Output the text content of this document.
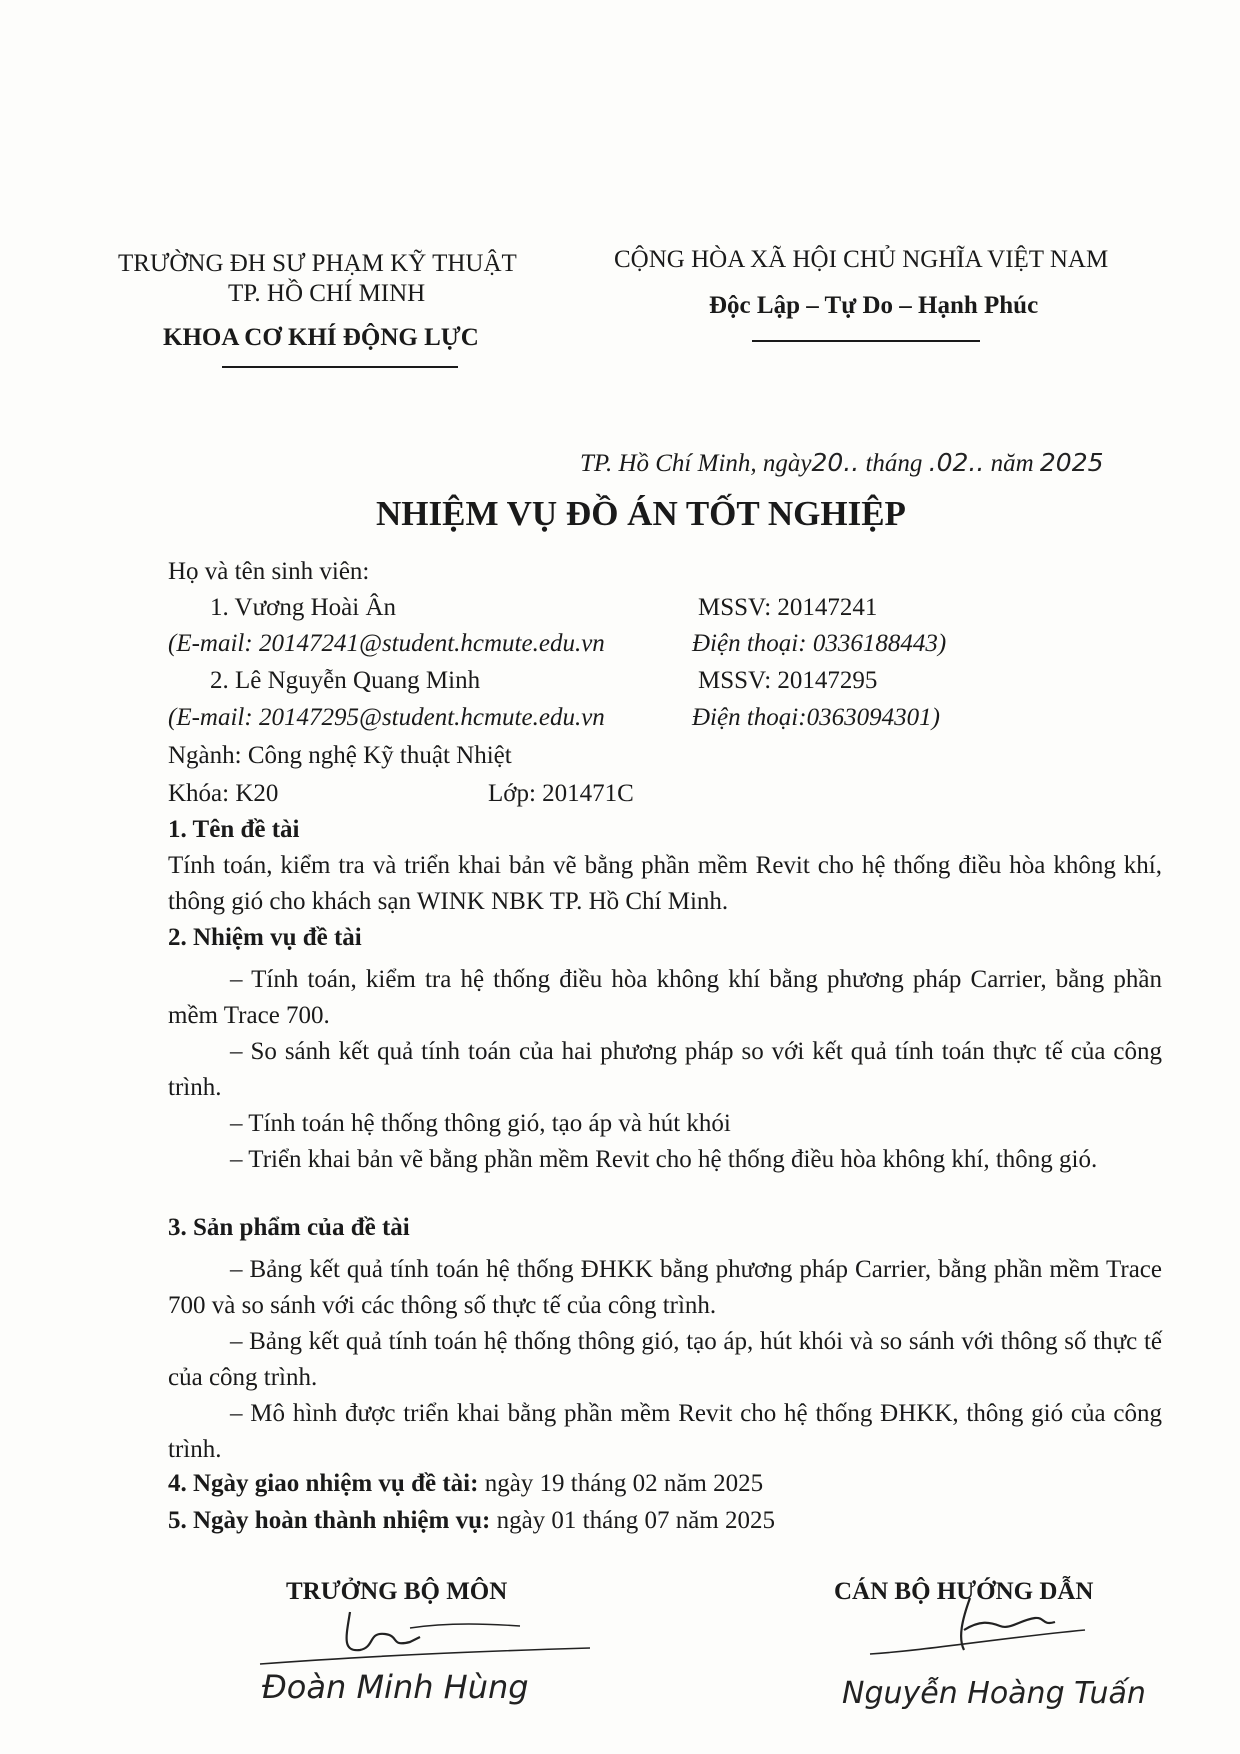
TRƯỜNG ĐH SƯ PHẠM KỸ THUẬT
TP. HỒ CHÍ MINH
KHOA CƠ KHÍ ĐỘNG LỰC
CỘNG HÒA XÃ HỘI CHỦ NGHĨA VIỆT NAM
Độc Lập – Tự Do – Hạnh Phúc
TP. Hồ Chí Minh, ngày20.. tháng .02.. năm 2025
NHIỆM VỤ ĐỒ ÁN TỐT NGHIỆP
Họ và tên sinh viên:
1. Vương Hoài Ân	MSSV: 20147241
(E-mail: 20147241@student.hcmute.edu.vn	Điện thoại: 0336188443)
2. Lê Nguyễn Quang Minh	MSSV: 20147295
(E-mail: 20147295@student.hcmute.edu.vn	Điện thoại:0363094301)
Ngành: Công nghệ Kỹ thuật Nhiệt
Khóa: K20	Lớp: 201471C
1. Tên đề tài
Tính toán, kiểm tra và triển khai bản vẽ bằng phần mềm Revit cho hệ thống điều hòa không khí, thông gió cho khách sạn WINK NBK TP. Hồ Chí Minh.
2. Nhiệm vụ đề tài
– Tính toán, kiểm tra hệ thống điều hòa không khí bằng phương pháp Carrier, bằng phần mềm Trace 700.
– So sánh kết quả tính toán của hai phương pháp so với kết quả tính toán thực tế của công trình.
– Tính toán hệ thống thông gió, tạo áp và hút khói
– Triển khai bản vẽ bằng phần mềm Revit cho hệ thống điều hòa không khí, thông gió.
3. Sản phẩm của đề tài
– Bảng kết quả tính toán hệ thống ĐHKK bằng phương pháp Carrier, bằng phần mềm Trace 700 và so sánh với các thông số thực tế của công trình.
– Bảng kết quả tính toán hệ thống thông gió, tạo áp, hút khói và so sánh với thông số thực tế của công trình.
– Mô hình được triển khai bằng phần mềm Revit cho hệ thống ĐHKK, thông gió của công trình.
4. Ngày giao nhiệm vụ đề tài: ngày 19 tháng 02 năm 2025
5. Ngày hoàn thành nhiệm vụ: ngày 01 tháng 07 năm 2025
TRƯỞNG BỘ MÔN
Đoàn Minh Hùng
CÁN BỘ HƯỚNG DẪN
Nguyễn Hoàng Tuấn
